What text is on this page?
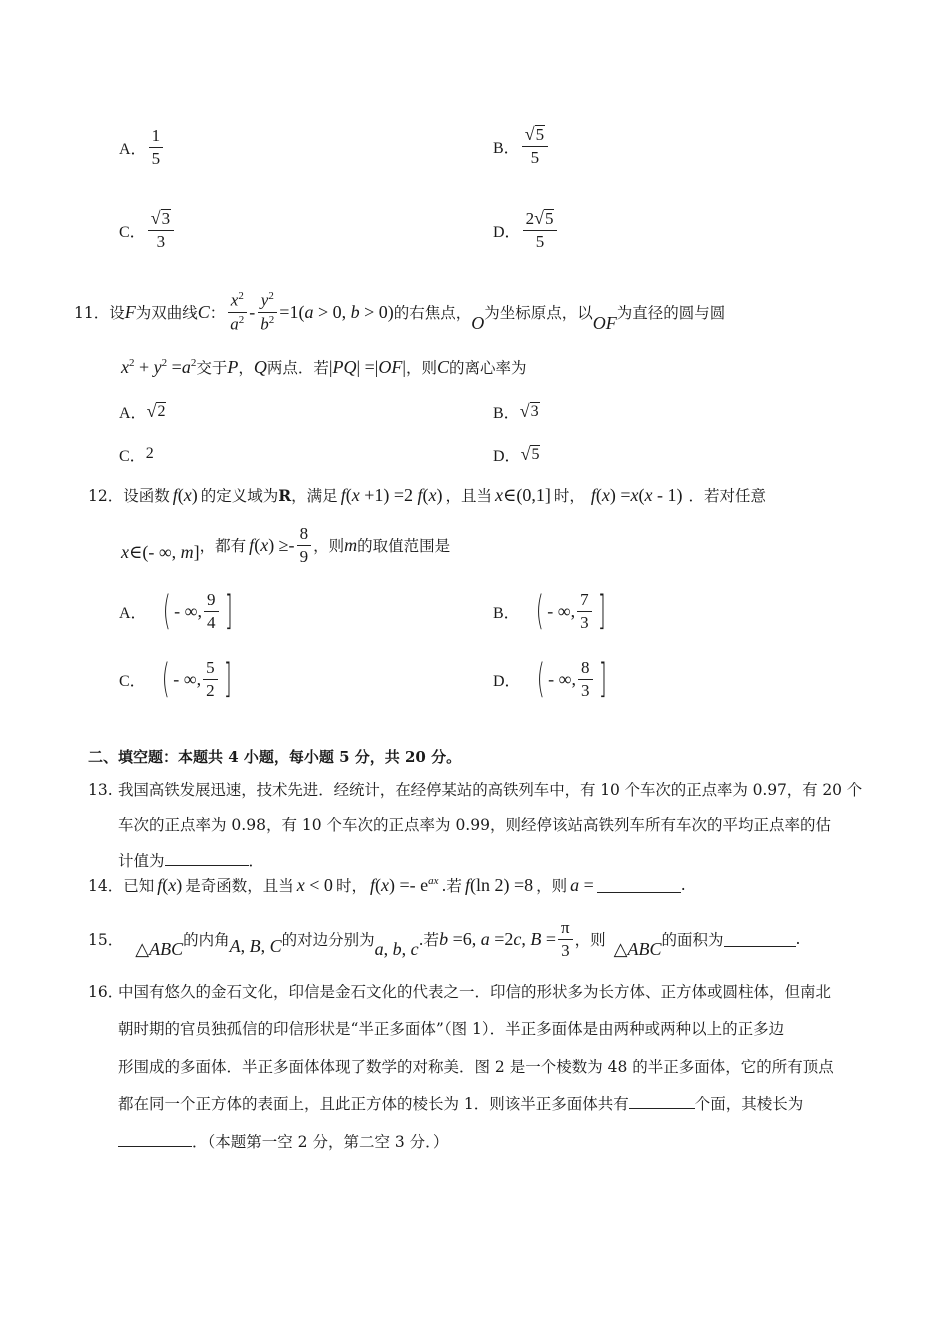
A． $\frac{1}{5}$	B． $\frac{√ 5}{5}$
C． $\frac{√ 3}{3}$	D． $\frac{2 √ 5}{5}$
11． 设 F 为双曲线 C ： $\frac{x^2}{a^2} - \frac{y^2}{b^2} =1(a > 0$, b > 0) 的右焦点， O 为坐标原点，以 OF 为直径的圆与圆
$x^2 + y^2 =a^2$ 交于 P ， Q 两点．若 |PQ| =|OF| ，则 C 的离心率为
A． √ 2	B． √ 3
C． 2	D． √ 5
12． 设函数 f(x) 的定义域为 R ，满足 f(x +1) =2 f(x) ，且当 x∈(0,1] 时， f(x) =x(x - 1) ．若对任意
x∈(- ∞, m] ，都有 $f(x) \ge- \frac{8}{9}$ ，则 m 的取值范围是
A． ( - ∞, $\frac{9}{4}$ ]	B． ( - ∞, $\frac{7}{3}$ ]
C． ( - ∞, $\frac{5}{2}$ ]	D． ( - ∞, $\frac{8}{3}$ ]
二、填空题：本题共 4 小题，每小题 5 分，共 20 分。
13. 我国高铁发展迅速，技术先进．经统计，在经停某站的高铁列车中，有 10 个车次的正点率为 0.97，有 20 个
车次的正点率为 0.98，有 10 个车次的正点率为 0.99，则经停该站高铁列车所有车次的平均正点率的估
计值为	．
14． 已知 f(x) 是奇函数，且当 x < 0 时， $f(x) =- e^{ax}$ .若 f(ln 2) =8 ，则 a =	.
15． △ABC 的内角 A, B, C 的对边分别为 a, b, c .若 b =6, a =2c, $B = \frac{\pi}{3}$ ，则 △ABC 的面积为	.
16．
中国有悠久的金石文化，印信是金石文化的代表之一．印信的形状多为长方体、正方体或圆柱体，但南北
朝时期的官员独孤信的印信形状是“半正多面体”（图 1）．半正多面体是由两种或两种以上的正多边
形围成的多面体．半正多面体体现了数学的对称美．图 2 是一个棱数为 48 的半正多面体，它的所有顶点
都在同一个正方体的表面上，且此正方体的棱长为 1．则该半正多面体共有	个面，其棱长为
．（本题第一空 2 分，第二空 3 分．）
